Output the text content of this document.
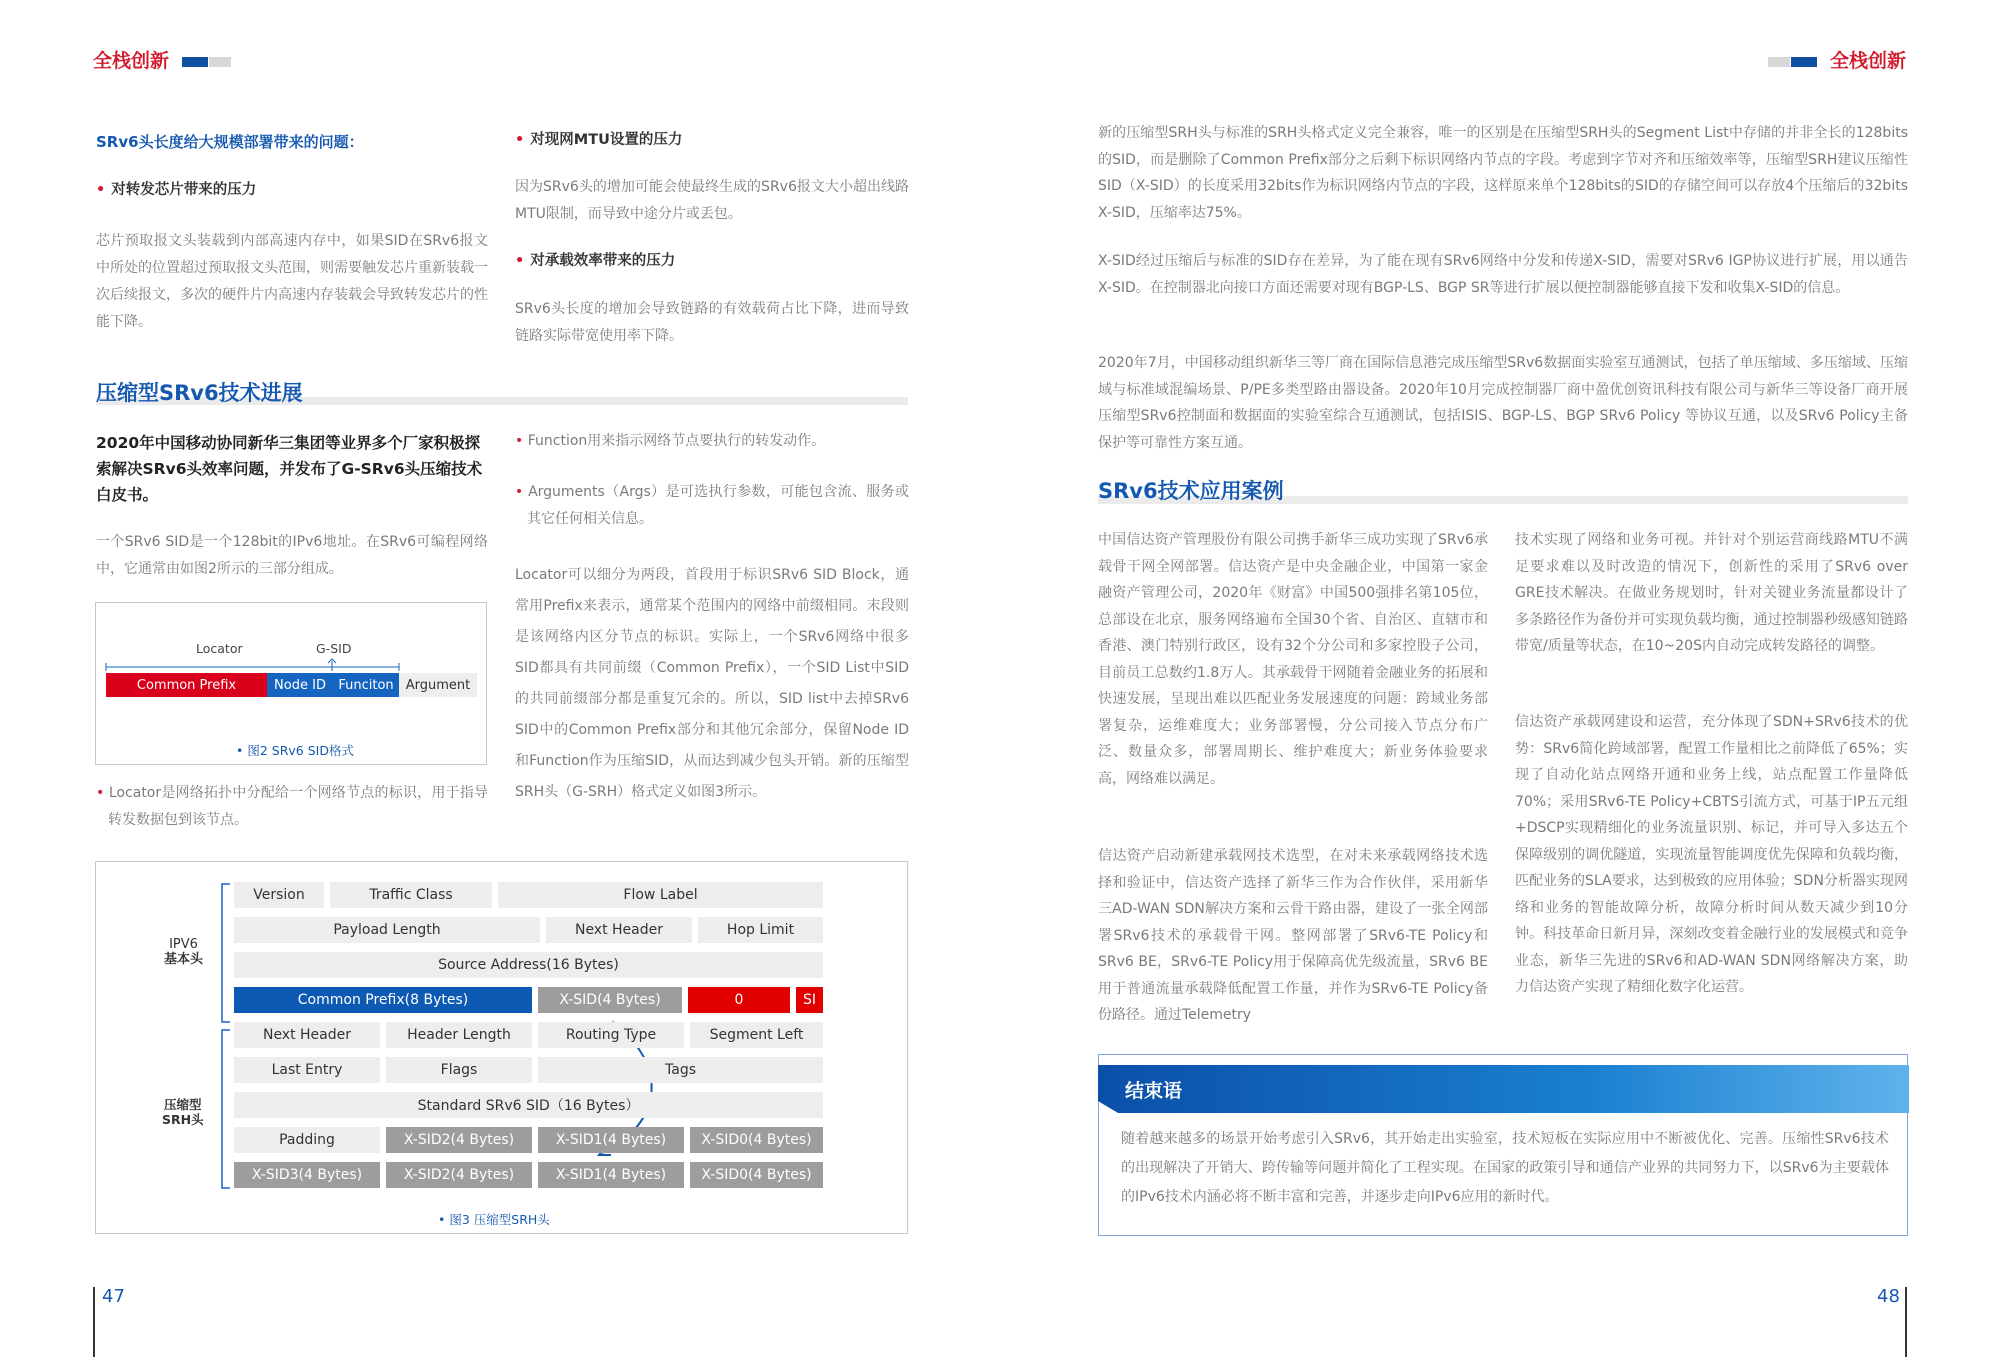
全栈创新	全栈创新
SRv6头长度给大规模部署带来的问题：
• 对转发芯片带来的压力
芯片预取报文头装载到内部高速内存中，如果SID在SRv6报文中所处的位置超过预取报文头范围，则需要触发芯片重新装载一次后续报文，多次的硬件片内高速内存装载会导致转发芯片的性能下降。
• 对现网MTU设置的压力
因为SRv6头的增加可能会使最终生成的SRv6报文大小超出线路MTU限制，而导致中途分片或丢包。
• 对承载效率带来的压力
SRv6头长度的增加会导致链路的有效载荷占比下降，进而导致链路实际带宽使用率下降。
压缩型SRv6技术进展
2020年中国移动协同新华三集团等业界多个厂家积极探索解决SRv6头效率问题，并发布了G-SRv6头压缩技术白皮书。
一个SRv6 SID是一个128bit的IPv6地址。在SRv6可编程网络中，它通常由如图2所示的三部分组成。
Locator	G-SID
Common Prefix	Node ID Funciton Argument
• 图2 SRv6 SID格式
• Locator是网络拓扑中分配给一个网络节点的标识，用于指导转发数据包到该节点。
• Function用来指示网络节点要执行的转发动作。
• Arguments（Args）是可选执行参数，可能包含流、服务或其它任何相关信息。
Locator可以细分为两段，首段用于标识SRv6 SID Block，通常用Prefix来表示，通常某个范围内的网络中前缀相同。末段则是该网络内区分节点的标识。实际上，一个SRv6网络中很多SID都具有共同前缀（Common Prefix），一个SID List中SID的共同前缀部分都是重复冗余的。所以，SID list中去掉SRv6 SID中的Common Prefix部分和其他冗余部分，保留Node ID和Function作为压缩SID，从而达到减少包头开销。新的压缩型SRH头（G-SRH）格式定义如图3所示。
IPV6
基本头
压缩型
SRH头
Version	Traffic Class	Flow Label
Payload Length	Next Header	Hop Limit
Source Address(16 Bytes)
Common Prefix(8 Bytes)	X-SID(4 Bytes)	0	SI
Next Header	Header Length	Routing Type	Segment Left
Last Entry	Flags	Tags
Standard SRv6 SID（16 Bytes）
Padding	X-SID2(4 Bytes)	X-SID1(4 Bytes)	X-SID0(4 Bytes)
X-SID3(4 Bytes)	X-SID2(4 Bytes)	X-SID1(4 Bytes)	X-SID0(4 Bytes)
• 图3 压缩型SRH头
47
新的压缩型SRH头与标准的SRH头格式定义完全兼容，唯一的区别是在压缩型SRH头的Segment List中存储的并非全长的128bits的SID，而是删除了Common Prefix部分之后剩下标识网络内节点的字段。考虑到字节对齐和压缩效率等，压缩型SRH建议压缩性SID（X-SID）的长度采用32bits作为标识网络内节点的字段，这样原来单个128bits的SID的存储空间可以存放4个压缩后的32bits X-SID，压缩率达75%。
X-SID经过压缩后与标准的SID存在差异，为了能在现有SRv6网络中分发和传递X-SID，需要对SRv6 IGP协议进行扩展，用以通告X-SID。在控制器北向接口方面还需要对现有BGP-LS、BGP SR等进行扩展以便控制器能够直接下发和收集X-SID的信息。
2020年7月，中国移动组织新华三等厂商在国际信息港完成压缩型SRv6数据面实验室互通测试，包括了单压缩域、多压缩域、压缩域与标准域混编场景、P/PE多类型路由器设备。2020年10月完成控制器厂商中盈优创资讯科技有限公司与新华三等设备厂商开展压缩型SRv6控制面和数据面的实验室综合互通测试，包括ISIS、BGP-LS、BGP SRv6 Policy 等协议互通，以及SRv6 Policy主备保护等可靠性方案互通。
SRv6技术应用案例
中国信达资产管理股份有限公司携手新华三成功实现了SRv6承载骨干网全网部署。信达资产是中央金融企业，中国第一家金融资产管理公司，2020年《财富》中国500强排名第105位，总部设在北京，服务网络遍布全国30个省、自治区、直辖市和香港、澳门特别行政区，设有32个分公司和多家控股子公司，目前员工总数约1.8万人。其承载骨干网随着金融业务的拓展和快速发展，呈现出难以匹配业务发展速度的问题：跨域业务部署复杂，运维难度大；业务部署慢，分公司接入节点分布广泛、数量众多，部署周期长、维护难度大；新业务体验要求高，网络难以满足。
信达资产启动新建承载网技术选型，在对未来承载网络技术选择和验证中，信达资产选择了新华三作为合作伙伴，采用新华三AD-WAN SDN解决方案和云骨干路由器，建设了一张全网部署SRv6技术的承载骨干网。整网部署了SRv6-TE Policy和SRv6 BE，SRv6-TE Policy用于保障高优先级流量，SRv6 BE用于普通流量承载降低配置工作量，并作为SRv6-TE Policy备份路径。通过Telemetry
技术实现了网络和业务可视。并针对个别运营商线路MTU不满足要求难以及时改造的情况下，创新性的采用了SRv6 over GRE技术解决。在做业务规划时，针对关键业务流量都设计了多条路径作为备份并可实现负载均衡，通过控制器秒级感知链路带宽/质量等状态，在10~20S内自动完成转发路径的调整。
信达资产承载网建设和运营，充分体现了SDN+SRv6技术的优势：SRv6简化跨域部署，配置工作量相比之前降低了65%；实现了自动化站点网络开通和业务上线，站点配置工作量降低70%；采用SRv6-TE Policy+CBTS引流方式，可基于IP五元组+DSCP实现精细化的业务流量识别、标记，并可导入多达五个保障级别的调优隧道，实现流量智能调度优先保障和负载均衡，匹配业务的SLA要求，达到极致的应用体验；SDN分析器实现网络和业务的智能故障分析，故障分析时间从数天减少到10分钟。科技革命日新月异，深刻改变着金融行业的发展模式和竞争业态，新华三先进的SRv6和AD-WAN SDN网络解决方案，助力信达资产实现了精细化数字化运营。
结束语
随着越来越多的场景开始考虑引入SRv6，其开始走出实验室，技术短板在实际应用中不断被优化、完善。压缩性SRv6技术的出现解决了开销大、跨传输等问题并简化了工程实现。在国家的政策引导和通信产业界的共同努力下，以SRv6为主要载体的IPv6技术内涵必将不断丰富和完善，并逐步走向IPv6应用的新时代。
48
